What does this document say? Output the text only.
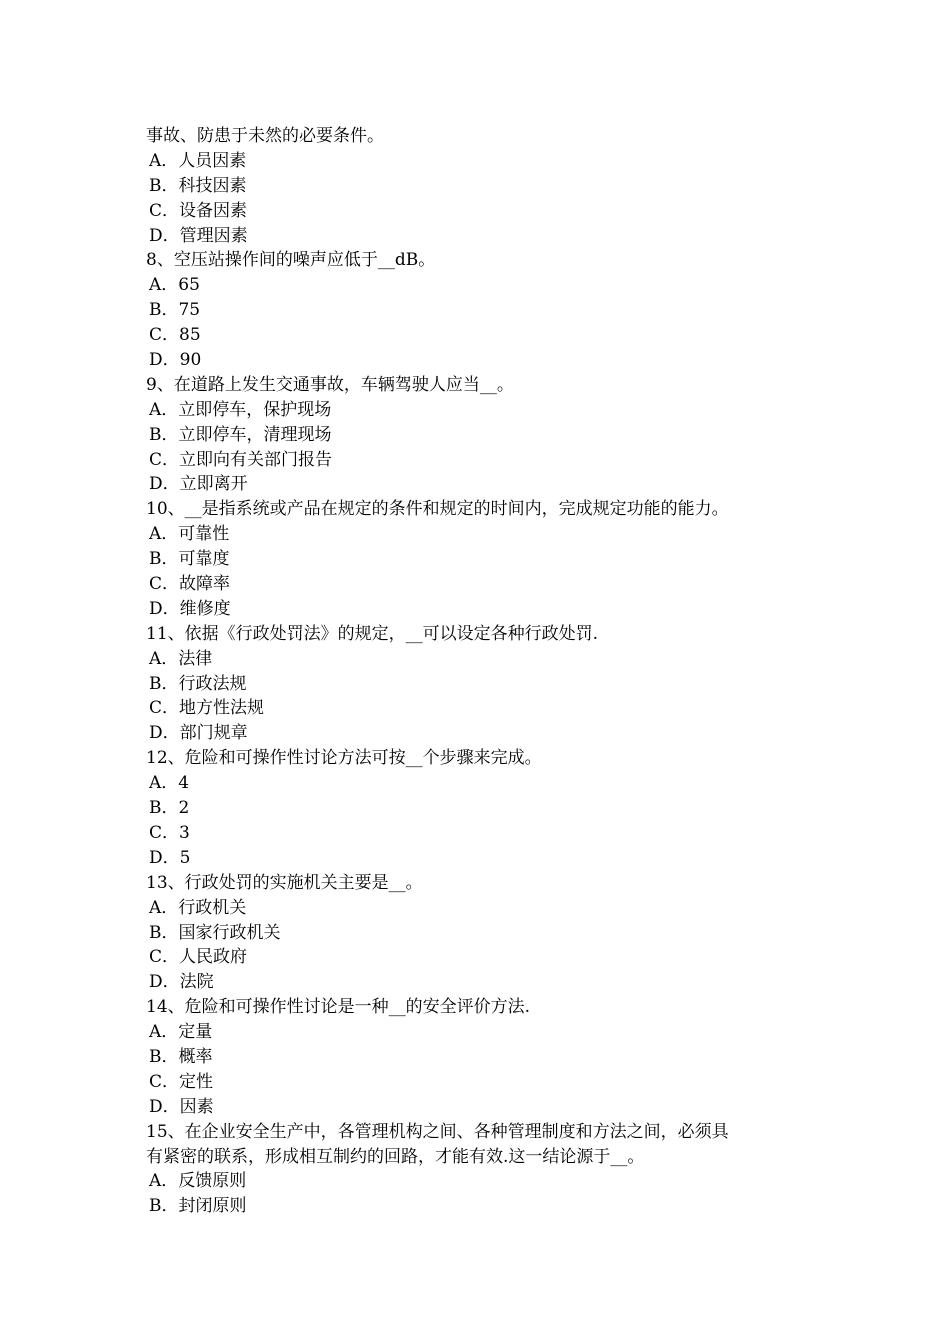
事故、防患于未然的必要条件。
A．人员因素
B．科技因素
C．设备因素
D．管理因素
8、空压站操作间的噪声应低于__dB。
A．65
B．75
C．85
D．90
9、在道路上发生交通事故，车辆驾驶人应当__。
A．立即停车，保护现场
B．立即停车，清理现场
C．立即向有关部门报告
D．立即离开
10、__是指系统或产品在规定的条件和规定的时间内，完成规定功能的能力。
A．可靠性
B．可靠度
C．故障率
D．维修度
11、依据《行政处罚法》的规定，__可以设定各种行政处罚.
A．法律
B．行政法规
C．地方性法规
D．部门规章
12、危险和可操作性讨论方法可按__个步骤来完成。
A．4
B．2
C．3
D．5
13、行政处罚的实施机关主要是__。
A．行政机关
B．国家行政机关
C．人民政府
D．法院
14、危险和可操作性讨论是一种__的安全评价方法.
A．定量
B．概率
C．定性
D．因素
15、在企业安全生产中，各管理机构之间、各种管理制度和方法之间，必须具
有紧密的联系，形成相互制约的回路，才能有效.这一结论源于__。
A．反馈原则
B．封闭原则
